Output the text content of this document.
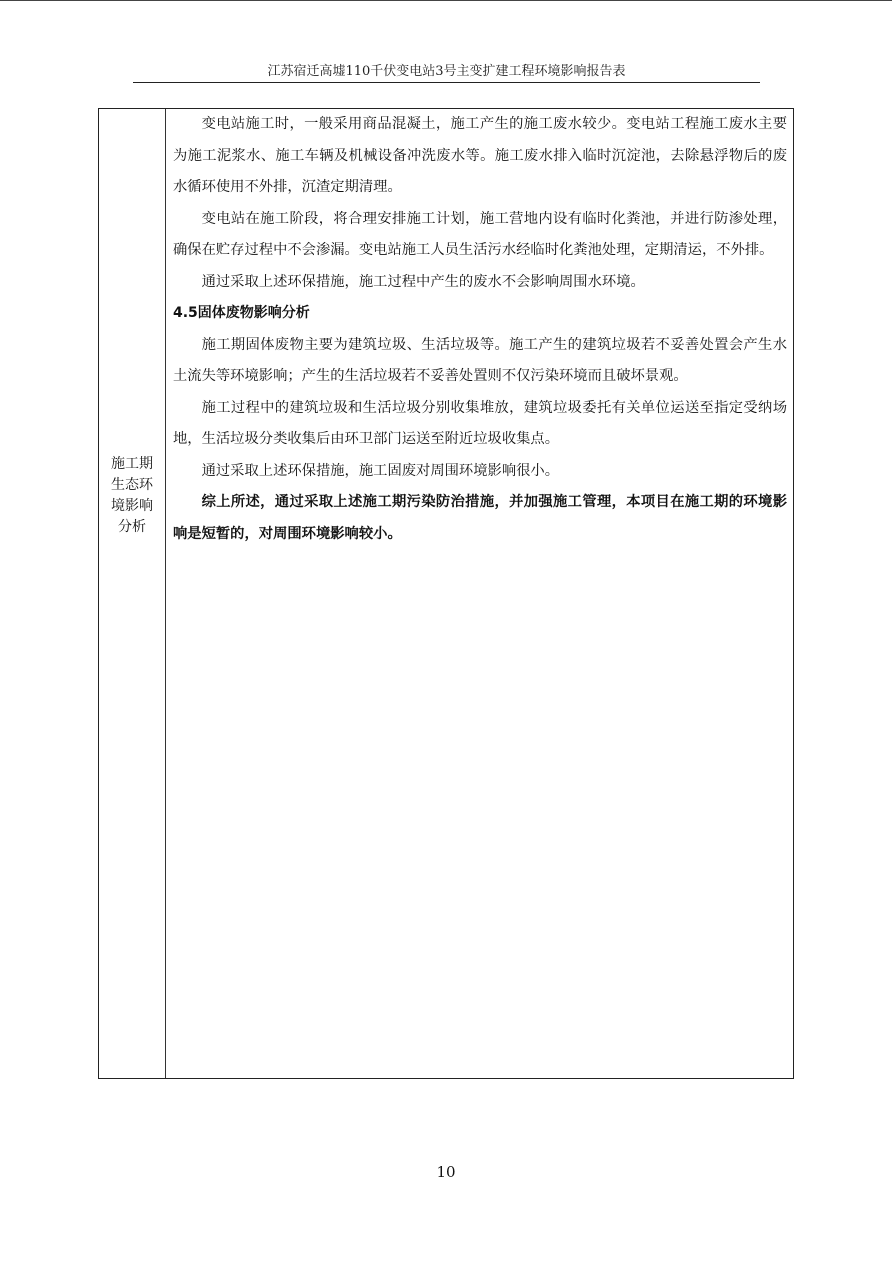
江苏宿迁高墟110千伏变电站3号主变扩建工程环境影响报告表
施工期
生态环
境影响
分析

变电站施工时，一般采用商品混凝土，施工产生的施工废水较少。变电站工程施工废水主要为施工泥浆水、施工车辆及机械设备冲洗废水等。施工废水排入临时沉淀池，去除悬浮物后的废水循环使用不外排，沉渣定期清理。

变电站在施工阶段，将合理安排施工计划，施工营地内设有临时化粪池，并进行防渗处理，确保在贮存过程中不会渗漏。变电站施工人员生活污水经临时化粪池处理，定期清运，不外排。

通过采取上述环保措施，施工过程中产生的废水不会影响周围水环境。

4.5固体废物影响分析

施工期固体废物主要为建筑垃圾、生活垃圾等。施工产生的建筑垃圾若不妥善处置会产生水土流失等环境影响；产生的生活垃圾若不妥善处置则不仅污染环境而且破坏景观。

施工过程中的建筑垃圾和生活垃圾分别收集堆放，建筑垃圾委托有关单位运送至指定受纳场地，生活垃圾分类收集后由环卫部门运送至附近垃圾收集点。

通过采取上述环保措施，施工固废对周围环境影响很小。

综上所述，通过采取上述施工期污染防治措施，并加强施工管理，本项目在施工期的环境影响是短暂的，对周围环境影响较小。

10
